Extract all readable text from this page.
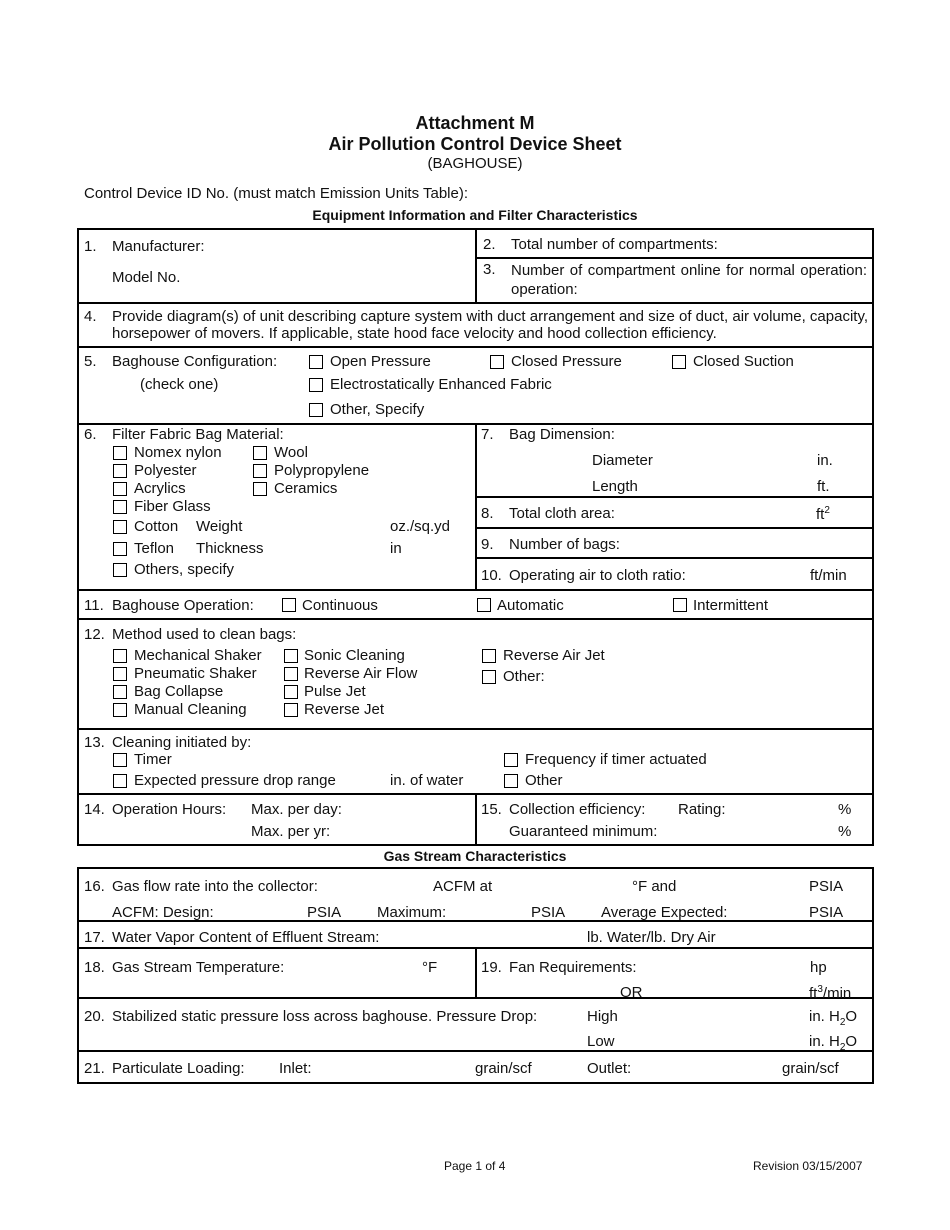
Attachment M
Air Pollution Control Device Sheet
(BAGHOUSE)
Control Device ID No. (must match Emission Units Table):
Equipment Information and Filter Characteristics
1. Manufacturer:
Model No.
2. Total number of compartments:
3. Number of compartment online for normal operation:
operation:
4. Provide diagram(s) of unit describing capture system with duct arrangement and size of duct, air volume, capacity, horsepower of movers. If applicable, state hood face velocity and hood collection efficiency.
5. Baghouse Configuration:
(check one)
Open Pressure	Closed Pressure	Closed Suction
Electrostatically Enhanced Fabric
Other, Specify
6. Filter Fabric Bag Material:
Nomex nylon	Wool
Polyester	Polypropylene
Acrylics	Ceramics
Fiber Glass
Cotton Weight	oz./sq.yd
Teflon Thickness	in
Others, specify
7. Bag Dimension:
Diameter	in.
Length	ft.
8. Total cloth area:	$ft^2$
9. Number of bags:
10. Operating air to cloth ratio:	ft/min
11. Baghouse Operation:	Continuous	Automatic	Intermittent
12. Method used to clean bags:
Mechanical Shaker
Pneumatic Shaker
Bag Collapse
Manual Cleaning
Sonic Cleaning
Reverse Air Flow
Pulse Jet
Reverse Jet
Reverse Air Jet
Other:
13. Cleaning initiated by:
Timer
Expected pressure drop range	in. of water
Frequency if timer actuated
Other
14. Operation Hours: Max. per day:
Max. per yr:
15. Collection efficiency: Rating:	%
Guaranteed minimum:	%
Gas Stream Characteristics
16. Gas flow rate into the collector:	ACFM at	°F and	PSIA
ACFM: Design:	PSIA Maximum:	PSIA Average Expected:	PSIA
17. Water Vapor Content of Effluent Stream:	lb. Water/lb. Dry Air
18. Gas Stream Temperature:	°F	19. Fan Requirements:	hp
OR	$ft^3/\min$
20. Stabilized static pressure loss across baghouse. Pressure Drop:	High	in. $H_2O$
Low	in. $H_2O$
21. Particulate Loading: Inlet:	grain/scf	Outlet:	grain/scf
Page 1 of 4	Revision 03/15/2007
